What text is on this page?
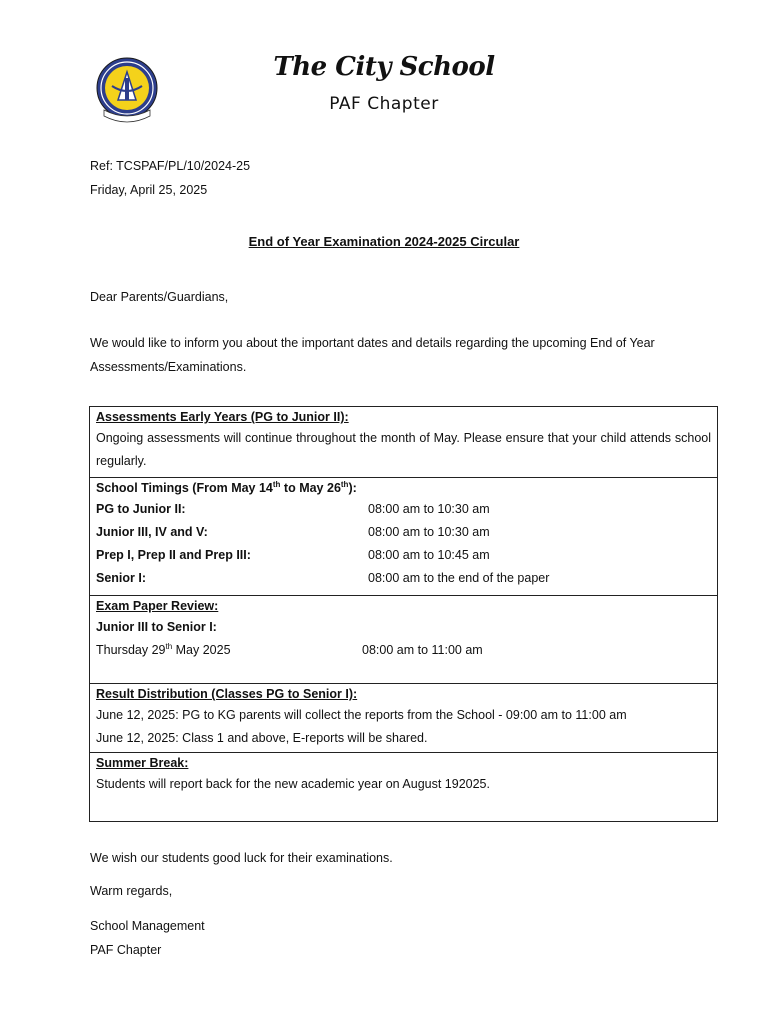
The City School
PAF Chapter
Ref: TCSPAF/PL/10/2024-25
Friday, April 25, 2025
End of Year Examination 2024-2025 Circular
Dear Parents/Guardians,
We would like to inform you about the important dates and details regarding the upcoming End of Year
Assessments/Examinations.
Assessments Early Years (PG to Junior II):
Ongoing assessments will continue throughout the month of May. Please ensure that your child attends school regularly.

School Timings (From May 14th to May 26th):
PG to Junior II:	08:00 am to 10:30 am
Junior III, IV and V:	08:00 am to 10:30 am
Prep I, Prep II and Prep III:	08:00 am to 10:45 am
Senior I:	08:00 am to the end of the paper

Exam Paper Review:
Junior III to Senior I:
Thursday 29th May 2025	08:00 am to 11:00 am

Result Distribution (Classes PG to Senior I):
June 12, 2025: PG to KG parents will collect the reports from the School - 09:00 am to 11:00 am
June 12, 2025: Class 1 and above, E-reports will be shared.

Summer Break:
Students will report back for the new academic year on August 19 2025.
We wish our students good luck for their examinations.
Warm regards,
School Management
PAF Chapter
